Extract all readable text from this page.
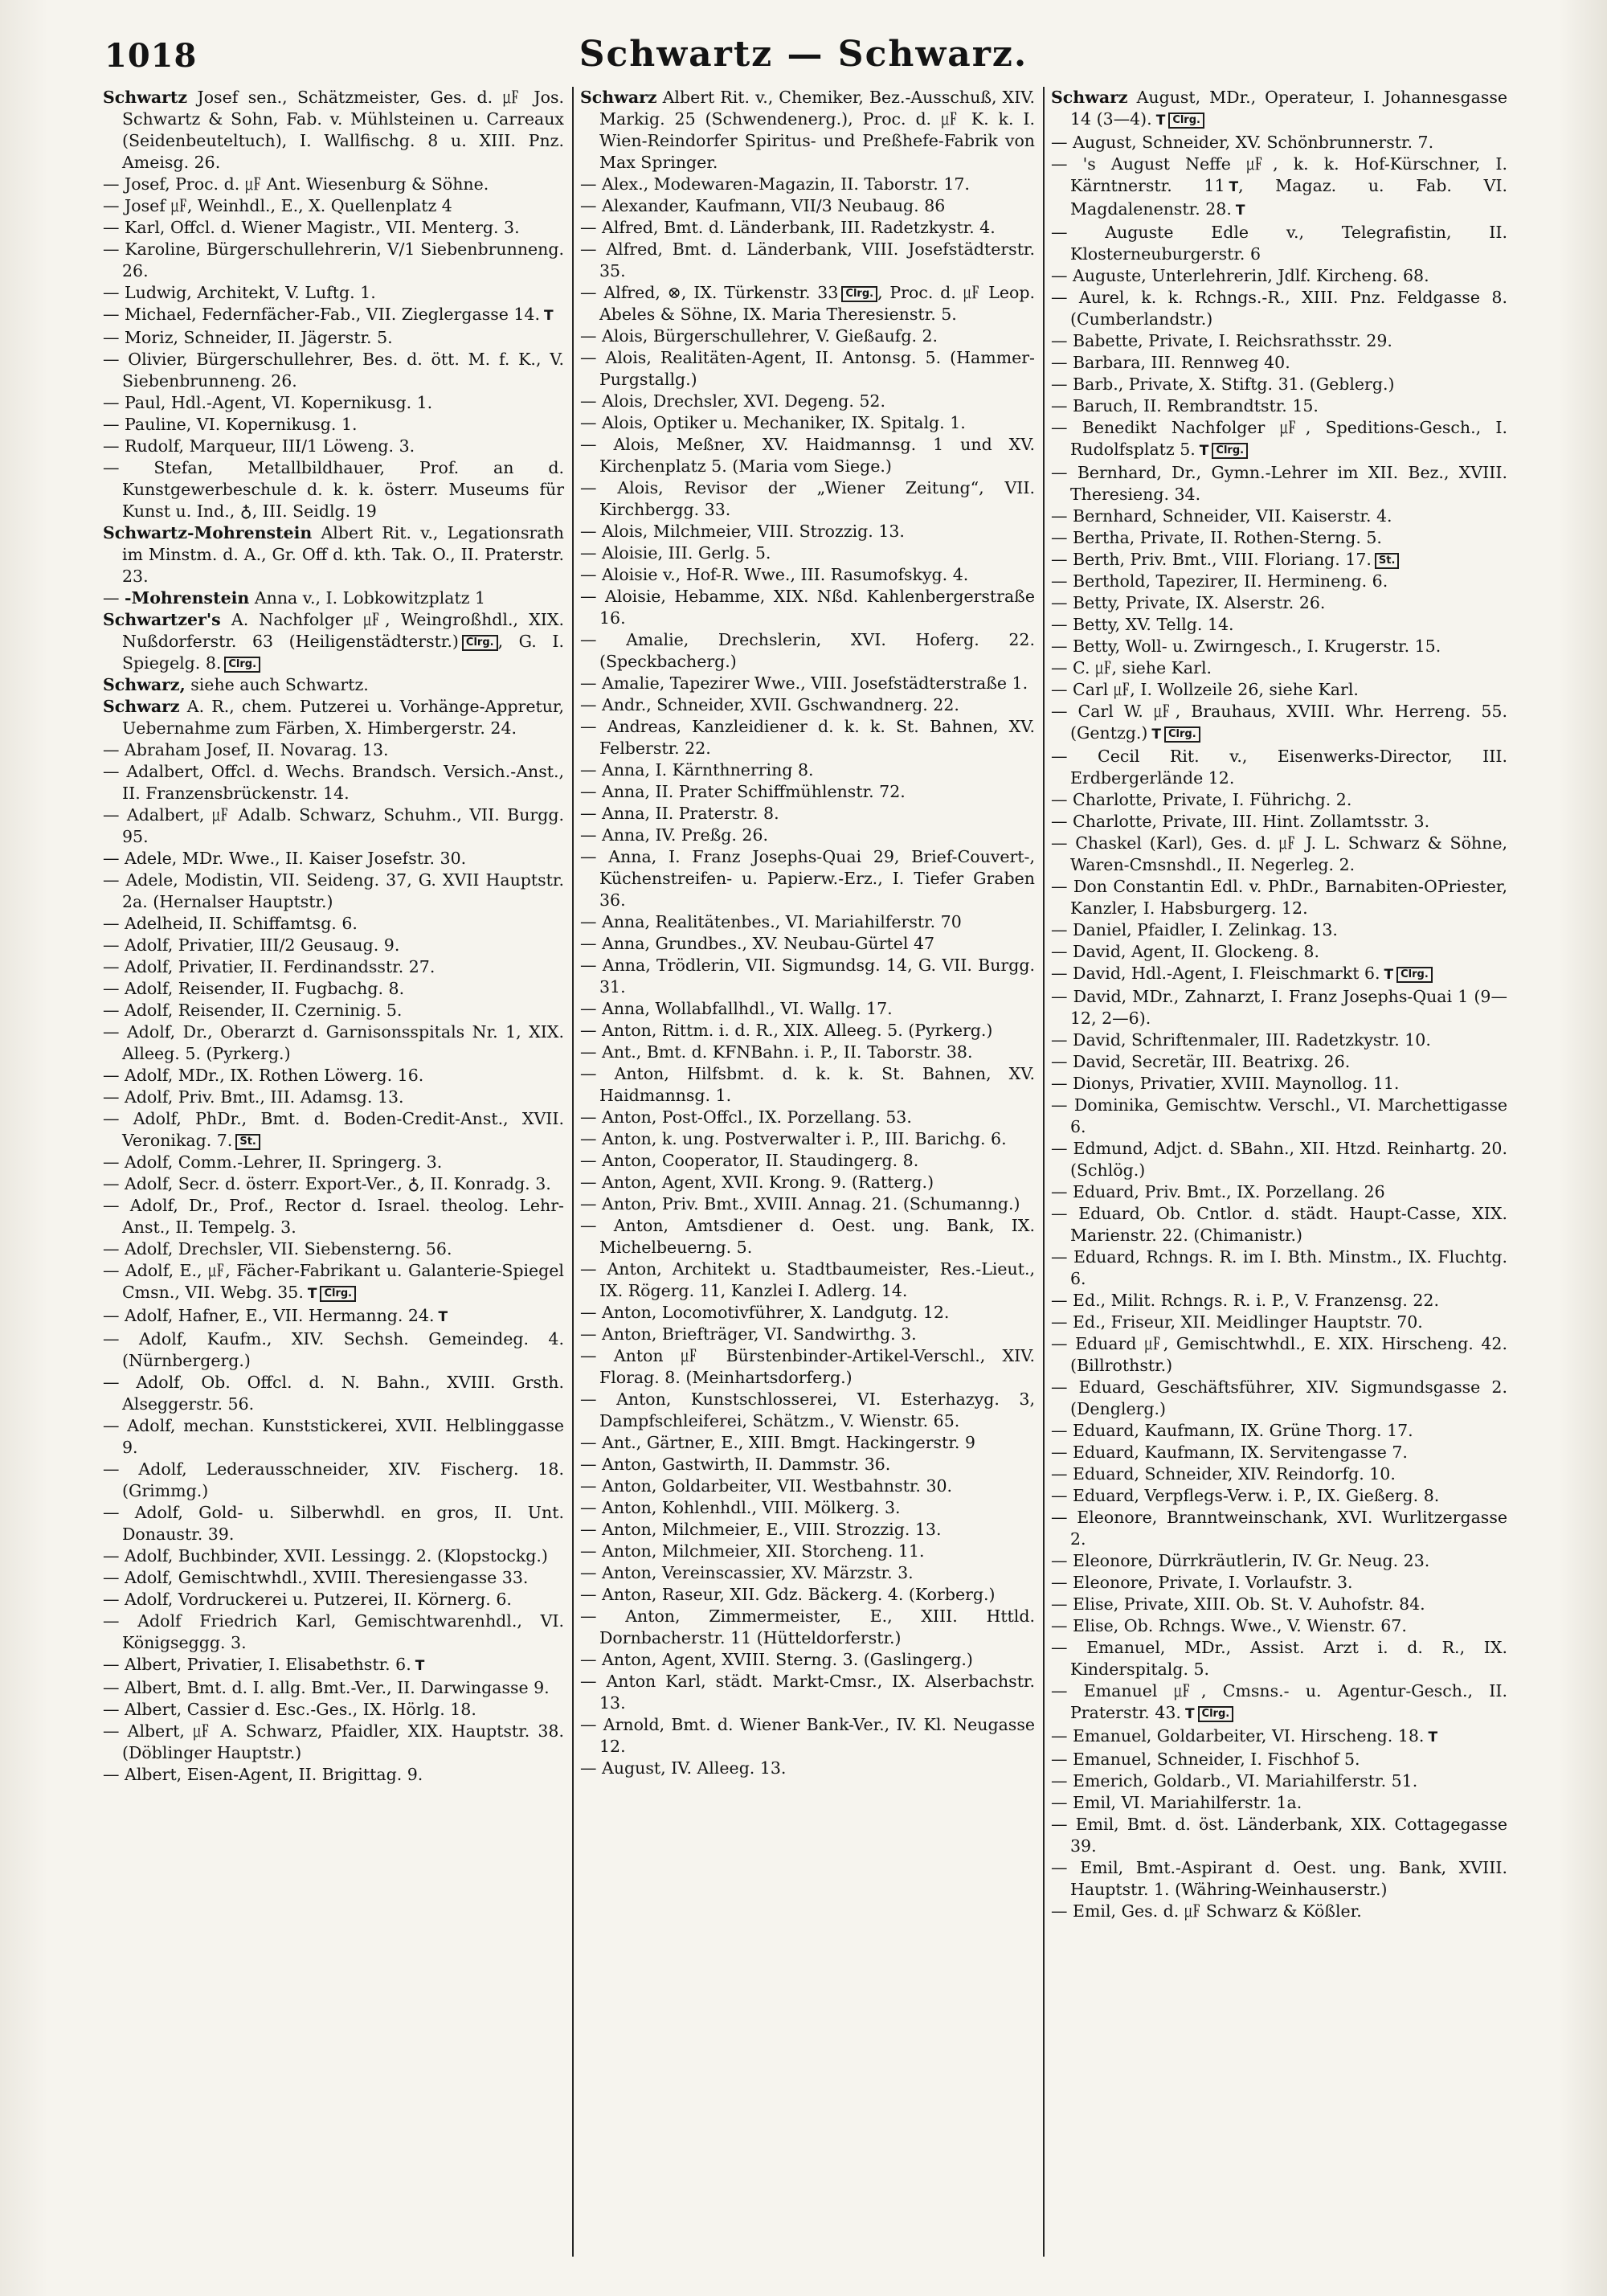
1018	Schwartz — Schwarz.

Schwartz Josef sen., Schätzmeister, Ges. d. ㎌ Jos. Schwartz & Sohn, Fab. v. Mühlsteinen u. Carreaux (Seidenbeuteltuch), I. Wallfischg. 8 u. XIII. Pnz. Ameisg. 26.

— Josef, Proc. d. ㎌ Ant. Wiesenburg & Söhne.

— Josef ㎌, Weinhdl., E., X. Quellenplatz 4

— Karl, Offcl. d. Wiener Magistr., VII. Menterg. 3.

— Karoline, Bürgerschullehrerin, V/1 Siebenbrunneng. 26.

— Ludwig, Architekt, V. Luftg. 1.

— Michael, Federnfächer-Fab., VII. Zieglergasse 14. T

— Moriz, Schneider, II. Jägerstr. 5.

— Olivier, Bürgerschullehrer, Bes. d. ött. M. f. K., V. Siebenbrunneng. 26.

— Paul, Hdl.-Agent, VI. Kopernikusg. 1.

— Pauline, VI. Kopernikusg. 1.

— Rudolf, Marqueur, III/1 Löweng. 3.

— Stefan, Metallbildhauer, Prof. an d. Kunstgewerbeschule d. k. k. österr. Museums für Kunst u. Ind., ♁, III. Seidlg. 19

Schwartz-Mohrenstein Albert Rit. v., Legationsrath im Minstm. d. A., Gr. Off d. kth. Tak. O., II. Praterstr. 23.

— -Mohrenstein Anna v., I. Lobkowitzplatz 1

Schwartzer's A. Nachfolger ㎌, Weingroßhdl., XIX. Nußdorferstr. 63 (Heiligenstädterstr.) Clrg. , G. I. Spiegelg. 8. Clrg.

Schwarz, siehe auch Schwartz.

Schwarz A. R., chem. Putzerei u. Vorhänge-Appretur, Uebernahme zum Färben, X. Himbergerstr. 24.

— Abraham Josef, II. Novarag. 13.

— Adalbert, Offcl. d. Wechs. Brandsch. Versich.-Anst., II. Franzensbrückenstr. 14.

— Adalbert, ㎌ Adalb. Schwarz, Schuhm., VII. Burgg. 95.

— Adele, MDr. Wwe., II. Kaiser Josefstr. 30.

— Adele, Modistin, VII. Seideng. 37, G. XVII Hauptstr. 2a. (Hernalser Hauptstr.)

— Adelheid, II. Schiffamtsg. 6.

— Adolf, Privatier, III/2 Geusaug. 9.

— Adolf, Privatier, II. Ferdinandsstr. 27.

— Adolf, Reisender, II. Fugbachg. 8.

— Adolf, Reisender, II. Czerninig. 5.

— Adolf, Dr., Oberarzt d. Garnisonsspitals Nr. 1, XIX. Alleeg. 5. (Pyrkerg.)

— Adolf, MDr., IX. Rothen Löwerg. 16.

— Adolf, Priv. Bmt., III. Adamsg. 13.

— Adolf, PhDr., Bmt. d. Boden-Credit-Anst., XVII. Veronikag. 7. St.

— Adolf, Comm.-Lehrer, II. Springerg. 3.

— Adolf, Secr. d. österr. Export-Ver., ♁, II. Konradg. 3.

— Adolf, Dr., Prof., Rector d. Israel. theolog. Lehr-Anst., II. Tempelg. 3.

— Adolf, Drechsler, VII. Siebensterng. 56.

— Adolf, E., ㎌, Fächer-Fabrikant u. Galanterie-Spiegel Cmsn., VII. Webg. 35. T Clrg.

— Adolf, Hafner, E., VII. Hermanng. 24. T

— Adolf, Kaufm., XIV. Sechsh. Gemeindeg. 4. (Nürnbergerg.)

— Adolf, Ob. Offcl. d. N. Bahn., XVIII. Grsth. Alseggerstr. 56.

— Adolf, mechan. Kunststickerei, XVII. Helblinggasse 9.

— Adolf, Lederausschneider, XIV. Fischerg. 18. (Grimmg.)

— Adolf, Gold- u. Silberwhdl. en gros, II. Unt. Donaustr. 39.

— Adolf, Buchbinder, XVII. Lessingg. 2. (Klopstockg.)

— Adolf, Gemischtwhdl., XVIII. Theresiengasse 33.

— Adolf, Vordruckerei u. Putzerei, II. Körnerg. 6.

— Adolf Friedrich Karl, Gemischtwarenhdl., VI. Königseggg. 3.

— Albert, Privatier, I. Elisabethstr. 6. T

— Albert, Bmt. d. I. allg. Bmt.-Ver., II. Darwingasse 9.

— Albert, Cassier d. Esc.-Ges., IX. Hörlg. 18.

— Albert, ㎌ A. Schwarz, Pfaidler, XIX. Hauptstr. 38. (Döblinger Hauptstr.)

— Albert, Eisen-Agent, II. Brigittag. 9.

Schwarz Albert Rit. v., Chemiker, Bez.-Ausschuß, XIV. Markig. 25 (Schwendenerg.), Proc. d. ㎌ K. k. I. Wien-Reindorfer Spiritus- und Preßhefe-Fabrik von Max Springer.

— Alex., Modewaren-Magazin, II. Taborstr. 17.

— Alexander, Kaufmann, VII/3 Neubaug. 86

— Alfred, Bmt. d. Länderbank, III. Radetzkystr. 4.

— Alfred, Bmt. d. Länderbank, VIII. Josefstädterstr. 35.

— Alfred, ⊗, IX. Türkenstr. 33 Clrg. , Proc. d. ㎌ Leop. Abeles & Söhne, IX. Maria Theresienstr. 5.

— Alois, Bürgerschullehrer, V. Gießaufg. 2.

— Alois, Realitäten-Agent, II. Antonsg. 5. (Hammer-Purgstallg.)

— Alois, Drechsler, XVI. Degeng. 52.

— Alois, Optiker u. Mechaniker, IX. Spitalg. 1.

— Alois, Meßner, XV. Haidmannsg. 1 und XV. Kirchenplatz 5. (Maria vom Siege.)

— Alois, Revisor der „Wiener Zeitung“, VII. Kirchbergg. 33.

— Alois, Milchmeier, VIII. Strozzig. 13.

— Aloisie, III. Gerlg. 5.

— Aloisie v., Hof-R. Wwe., III. Rasumofskyg. 4.

— Aloisie, Hebamme, XIX. Nßd. Kahlenbergerstraße 16.

— Amalie, Drechslerin, XVI. Hoferg. 22. (Speckbacherg.)

— Amalie, Tapezirer Wwe., VIII. Josefstädterstraße 1.

— Andr., Schneider, XVII. Gschwandnerg. 22.

— Andreas, Kanzleidiener d. k. k. St. Bahnen, XV. Felberstr. 22.

— Anna, I. Kärnthnerring 8.

— Anna, II. Prater Schiffmühlenstr. 72.

— Anna, II. Praterstr. 8.

— Anna, IV. Preßg. 26.

— Anna, I. Franz Josephs-Quai 29, Brief-Couvert-, Küchenstreifen- u. Papierw.-Erz., I. Tiefer Graben 36.

— Anna, Realitätenbes., VI. Mariahilferstr. 70

— Anna, Grundbes., XV. Neubau-Gürtel 47

— Anna, Trödlerin, VII. Sigmundsg. 14, G. VII. Burgg. 31.

— Anna, Wollabfallhdl., VI. Wallg. 17.

— Anton, Rittm. i. d. R., XIX. Alleeg. 5. (Pyrkerg.)

— Ant., Bmt. d. KFNBahn. i. P., II. Taborstr. 38.

— Anton, Hilfsbmt. d. k. k. St. Bahnen, XV. Haidmannsg. 1.

— Anton, Post-Offcl., IX. Porzellang. 53.

— Anton, k. ung. Postverwalter i. P., III. Barichg. 6.

— Anton, Cooperator, II. Staudingerg. 8.

— Anton, Agent, XVII. Krong. 9. (Ratterg.)

— Anton, Priv. Bmt., XVIII. Annag. 21. (Schumanng.)

— Anton, Amtsdiener d. Oest. ung. Bank, IX. Michelbeuerng. 5.

— Anton, Architekt u. Stadtbaumeister, Res.-Lieut., IX. Rögerg. 11, Kanzlei I. Adlerg. 14.

— Anton, Locomotivführer, X. Landgutg. 12.

— Anton, Briefträger, VI. Sandwirthg. 3.

— Anton ㎌ Bürstenbinder-Artikel-Verschl., XIV. Florag. 8. (Meinhartsdorferg.)

— Anton, Kunstschlosserei, VI. Esterhazyg. 3, Dampfschleiferei, Schätzm., V. Wienstr. 65.

— Ant., Gärtner, E., XIII. Bmgt. Hackingerstr. 9

— Anton, Gastwirth, II. Dammstr. 36.

— Anton, Goldarbeiter, VII. Westbahnstr. 30.

— Anton, Kohlenhdl., VIII. Mölkerg. 3.

— Anton, Milchmeier, E., VIII. Strozzig. 13.

— Anton, Milchmeier, XII. Storcheng. 11.

— Anton, Vereinscassier, XV. Märzstr. 3.

— Anton, Raseur, XII. Gdz. Bäckerg. 4. (Korberg.)

— Anton, Zimmermeister, E., XIII. Httld. Dornbacherstr. 11 (Hütteldorferstr.)

— Anton, Agent, XVIII. Sterng. 3. (Gaslingerg.)

— Anton Karl, städt. Markt-Cmsr., IX. Alserbachstr. 13.

— Arnold, Bmt. d. Wiener Bank-Ver., IV. Kl. Neugasse 12.

— August, IV. Alleeg. 13.

Schwarz August, MDr., Operateur, I. Johannesgasse 14 (3—4). T Clrg.

— August, Schneider, XV. Schönbrunnerstr. 7.

— 's August Neffe ㎌, k. k. Hof-Kürschner, I. Kärntnerstr. 11 T, Magaz. u. Fab. VI. Magdalenenstr. 28. T

— Auguste Edle v., Telegrafistin, II. Klosterneuburgerstr. 6

— Auguste, Unterlehrerin, Jdlf. Kircheng. 68.

— Aurel, k. k. Rchngs.-R., XIII. Pnz. Feldgasse 8. (Cumberlandstr.)

— Babette, Private, I. Reichsrathsstr. 29.

— Barbara, III. Rennweg 40.

— Barb., Private, X. Stiftg. 31. (Geblerg.)

— Baruch, II. Rembrandtstr. 15.

— Benedikt Nachfolger ㎌, Speditions-Gesch., I. Rudolfsplatz 5. T Clrg.

— Bernhard, Dr., Gymn.-Lehrer im XII. Bez., XVIII. Theresieng. 34.

— Bernhard, Schneider, VII. Kaiserstr. 4.

— Bertha, Private, II. Rothen-Sterng. 5.

— Berth, Priv. Bmt., VIII. Floriang. 17. St.

— Berthold, Tapezirer, II. Hermineng. 6.

— Betty, Private, IX. Alserstr. 26.

— Betty, XV. Tellg. 14.

— Betty, Woll- u. Zwirngesch., I. Krugerstr. 15.

— C. ㎌, siehe Karl.

— Carl ㎌, I. Wollzeile 26, siehe Karl.

— Carl W. ㎌, Brauhaus, XVIII. Whr. Herreng. 55. (Gentzg.) T Clrg.

— Cecil Rit. v., Eisenwerks-Director, III. Erdbergerlände 12.

— Charlotte, Private, I. Führichg. 2.

— Charlotte, Private, III. Hint. Zollamtsstr. 3.

— Chaskel (Karl), Ges. d. ㎌ J. L. Schwarz & Söhne, Waren-Cmsnshdl., II. Negerleg. 2.

— Don Constantin Edl. v. PhDr., Barnabiten-OPriester, Kanzler, I. Habsburgerg. 12.

— Daniel, Pfaidler, I. Zelinkag. 13.

— David, Agent, II. Glockeng. 8.

— David, Hdl.-Agent, I. Fleischmarkt 6. T Clrg.

— David, MDr., Zahnarzt, I. Franz Josephs-Quai 1 (9—12, 2—6).

— David, Schriftenmaler, III. Radetzkystr. 10.

— David, Secretär, III. Beatrixg. 26.

— Dionys, Privatier, XVIII. Maynollog. 11.

— Dominika, Gemischtw. Verschl., VI. Marchettigasse 6.

— Edmund, Adjct. d. SBahn., XII. Htzd. Reinhartg. 20. (Schlög.)

— Eduard, Priv. Bmt., IX. Porzellang. 26

— Eduard, Ob. Cntlor. d. städt. Haupt-Casse, XIX. Marienstr. 22. (Chimanistr.)

— Eduard, Rchngs. R. im I. Bth. Minstm., IX. Fluchtg. 6.

— Ed., Milit. Rchngs. R. i. P., V. Franzensg. 22.

— Ed., Friseur, XII. Meidlinger Hauptstr. 70.

— Eduard ㎌, Gemischtwhdl., E. XIX. Hirscheng. 42. (Billrothstr.)

— Eduard, Geschäftsführer, XIV. Sigmundsgasse 2. (Denglerg.)

— Eduard, Kaufmann, IX. Grüne Thorg. 17.

— Eduard, Kaufmann, IX. Servitengasse 7.

— Eduard, Schneider, XIV. Reindorfg. 10.

— Eduard, Verpflegs-Verw. i. P., IX. Gießerg. 8.

— Eleonore, Branntweinschank, XVI. Wurlitzergasse 2.

— Eleonore, Dürrkräutlerin, IV. Gr. Neug. 23.

— Eleonore, Private, I. Vorlaufstr. 3.

— Elise, Private, XIII. Ob. St. V. Auhofstr. 84.

— Elise, Ob. Rchngs. Wwe., V. Wienstr. 67.

— Emanuel, MDr., Assist. Arzt i. d. R., IX. Kinderspitalg. 5.

— Emanuel ㎌, Cmsns.- u. Agentur-Gesch., II. Praterstr. 43. T Clrg.

— Emanuel, Goldarbeiter, VI. Hirscheng. 18. T

— Emanuel, Schneider, I. Fischhof 5.

— Emerich, Goldarb., VI. Mariahilferstr. 51.

— Emil, VI. Mariahilferstr. 1a.

— Emil, Bmt. d. öst. Länderbank, XIX. Cottagegasse 39.

— Emil, Bmt.-Aspirant d. Oest. ung. Bank, XVIII. Hauptstr. 1. (Währing-Weinhauserstr.)

— Emil, Ges. d. ㎌ Schwarz & Kößler.
